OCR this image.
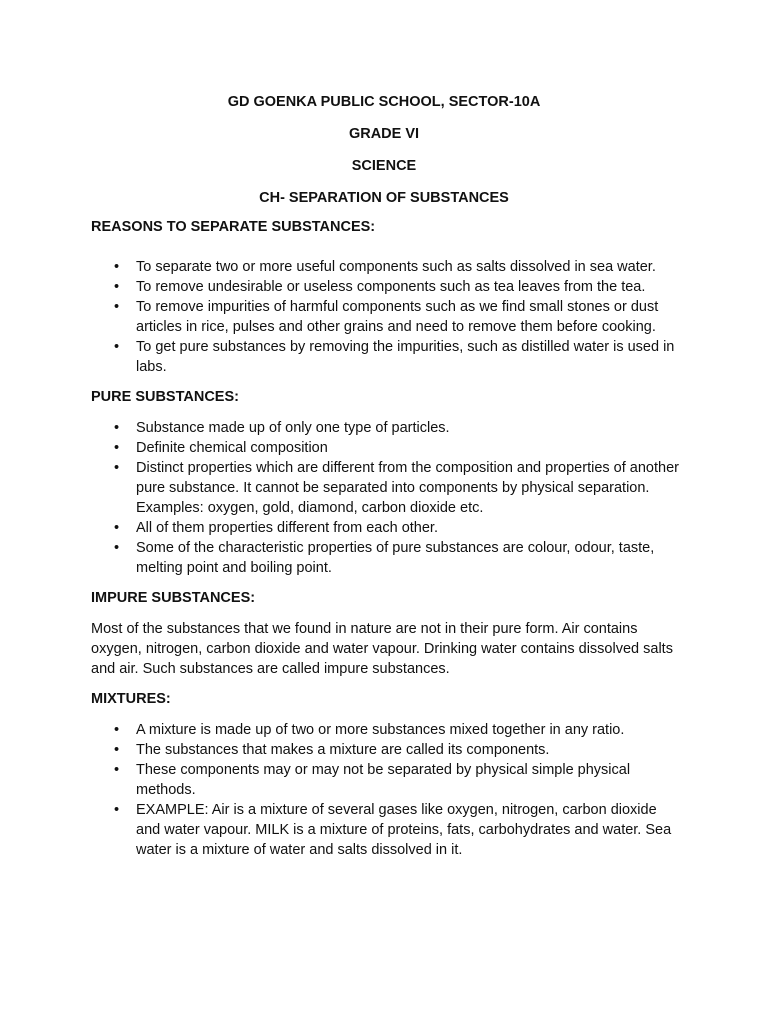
GD GOENKA PUBLIC SCHOOL, SECTOR-10A

GRADE VI

SCIENCE

CH- SEPARATION OF SUBSTANCES

REASONS TO SEPARATE SUBSTANCES:

• To separate two or more useful components such as salts dissolved in sea water.
• To remove undesirable or useless components such as tea leaves from the tea.
• To remove impurities of harmful components such as we find small stones or dust articles in rice, pulses and other grains and need to remove them before cooking.
• To get pure substances by removing the impurities, such as distilled water is used in labs.

PURE SUBSTANCES:

• Substance made up of only one type of particles.
• Definite chemical composition
• Distinct properties which are different from the composition and properties of another pure substance. It cannot be separated into components by physical separation. Examples: oxygen, gold, diamond, carbon dioxide etc.
• All of them properties different from each other.
• Some of the characteristic properties of pure substances are colour, odour, taste, melting point and boiling point.

IMPURE SUBSTANCES:

Most of the substances that we found in nature are not in their pure form. Air contains oxygen, nitrogen, carbon dioxide and water vapour. Drinking water contains dissolved salts and air. Such substances are called impure substances.

MIXTURES:

• A mixture is made up of two or more substances mixed together in any ratio.
• The substances that makes a mixture are called its components.
• These components may or may not be separated by physical simple physical methods.
• EXAMPLE: Air is a mixture of several gases like oxygen, nitrogen, carbon dioxide and water vapour. MILK is a mixture of proteins, fats, carbohydrates and water. Sea water is a mixture of water and salts dissolved in it.
